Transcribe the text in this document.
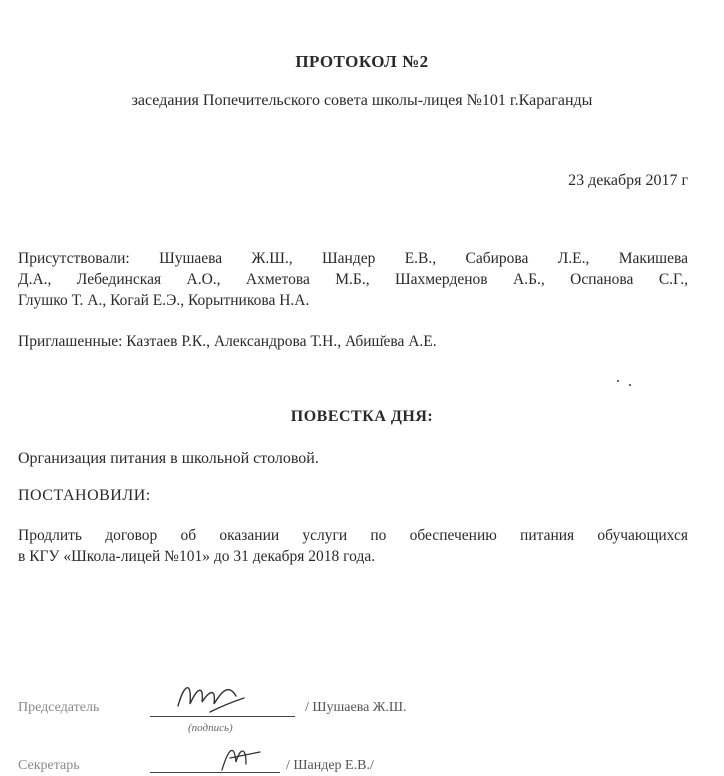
ПРОТОКОЛ №2
заседания Попечительского совета школы-лицея №101 г.Караганды
23 декабря 2017 г
Присутствовали: Шушаева Ж.Ш., Шандер Е.В., Сабирова Л.Е., Макишева
Д.А., Лебединская А.О., Ахметова М.Б., Шахмерденов А.Б., Оспанова С.Г.,
Глушко Т. А., Когай Е.Э., Корытникова Н.А.
Приглашенные: Казтаев Р.К., Александрова Т.Н., Абиш̆ева А.Е.
ПОВЕСТКА ДНЯ:
Организация питания в школьной столовой.
ПОСТАНОВИЛИ:
Продлить договор об оказании услуги по обеспечению питания обучающихся
в КГУ «Школа-лицей №101» до 31 декабря 2018 года.
Председатель	/ Шушаева Ж.Ш.
(подпись)
Секретарь	/ Шандер Е.В./
